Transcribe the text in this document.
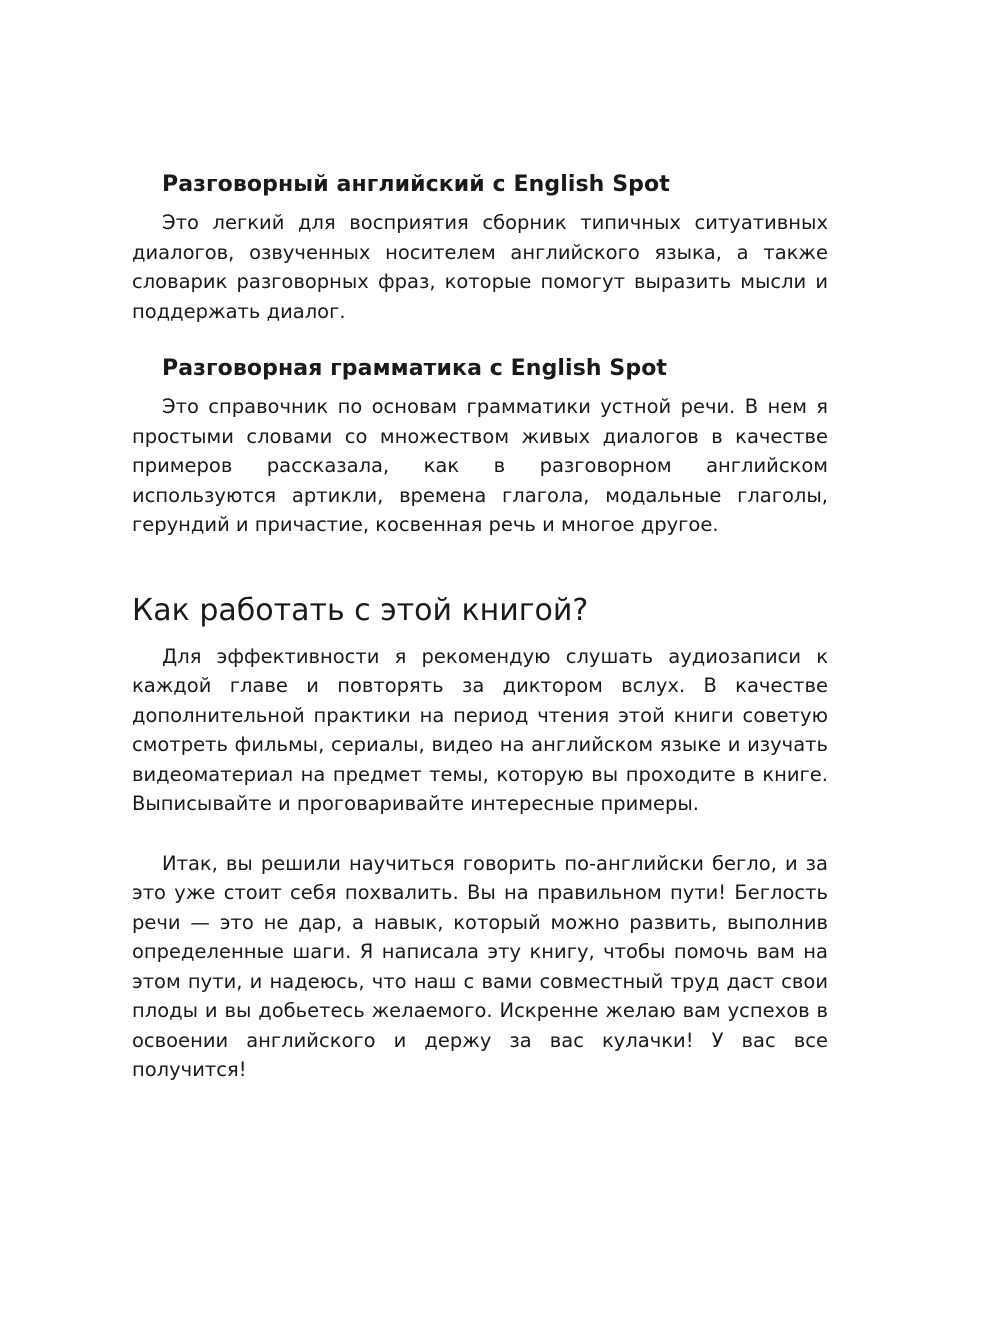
Разговорный английский с English Spot

Это легкий для восприятия сборник типичных ситуативных диалогов, озвученных носителем английского языка, а также словарик разговорных фраз, которые помогут выразить мысли и поддержать диалог.

Разговорная грамматика с English Spot

Это справочник по основам грамматики устной речи. В нем я простыми словами со множеством живых диалогов в качестве примеров рассказала, как в разговорном английском используются артикли, времена глагола, модальные глаголы, герундий и причастие, косвенная речь и многое другое.

Как работать с этой книгой?

Для эффективности я рекомендую слушать аудиозаписи к каждой главе и повторять за диктором вслух. В качестве дополнительной практики на период чтения этой книги советую смотреть фильмы, сериалы, видео на английском языке и изучать видеоматериал на предмет темы, которую вы проходите в книге. Выписывайте и проговаривайте интересные примеры.

Итак, вы решили научиться говорить по-английски бегло, и за это уже стоит себя похвалить. Вы на правильном пути! Беглость речи — это не дар, а навык, который можно развить, выполнив определенные шаги. Я написала эту книгу, чтобы помочь вам на этом пути, и надеюсь, что наш с вами совместный труд даст свои плоды и вы добьетесь желаемого. Искренне желаю вам успехов в освоении английского и держу за вас кулачки! У вас все получится!
